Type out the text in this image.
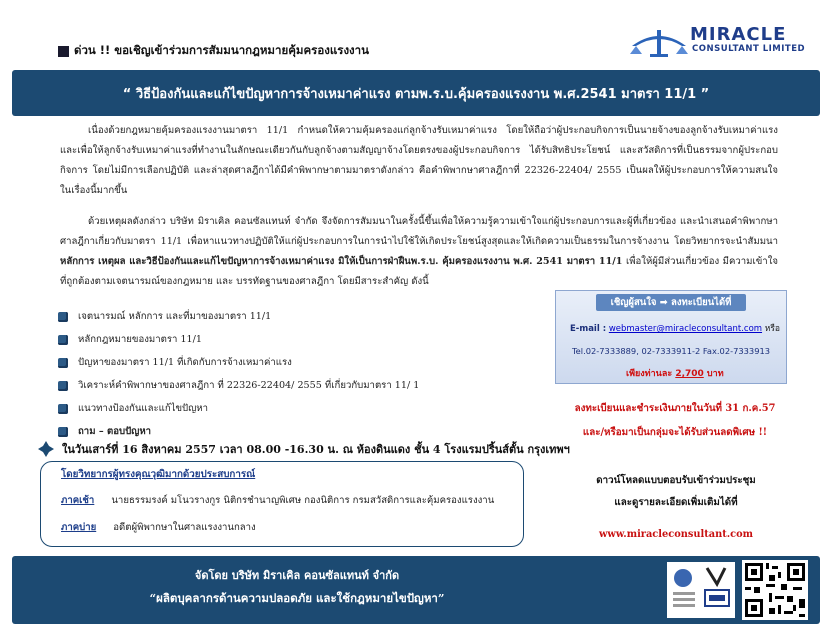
ด่วน !! ขอเชิญเข้าร่วมการสัมมนากฎหมายคุ้มครองแรงงาน
MIRACLE
CONSULTANT LIMITED
“ วิธีป้องกันและแก้ไขปัญหาการจ้างเหมาค่าแรง ตามพ.ร.บ.คุ้มครองแรงงาน พ.ศ.2541 มาตรา 11/1 ”
เนื่องด้วยกฎหมายคุ้มครองแรงงานมาตรา 11/1 กำหนดให้ความคุ้มครองแก่ลูกจ้างรับเหมาค่าแรง โดยให้ถือว่าผู้ประกอบกิจการเป็นนายจ้างของลูกจ้างรับเหมาค่าแรง และเพื่อให้ลูกจ้างรับเหมาค่าแรงที่ทำงานในลักษณะเดียวกันกับลูกจ้างตามสัญญาจ้างโดยตรงของผู้ประกอบกิจการ ได้รับสิทธิประโยชน์ และสวัสดิการที่เป็นธรรมจากผู้ประกอบกิจการ โดยไม่มีการเลือกปฏิบัติ และล่าสุดศาลฎีกาได้มีคำพิพากษาตามมาตราดังกล่าว คือคำพิพากษาศาลฎีกาที่ 22326-22404/ 2555 เป็นผลให้ผู้ประกอบการให้ความสนใจในเรื่องนี้มากขึ้น
ด้วยเหตุผลดังกล่าว บริษัท มิราเคิล คอนซัลแทนท์ จำกัด จึงจัดการสัมมนาในครั้งนี้ขึ้นเพื่อให้ความรู้ความเข้าใจแก่ผู้ประกอบการและผู้ที่เกี่ยวข้อง และนำเสนอคำพิพากษาศาลฎีกาเกี่ยวกับมาตรา 11/1 เพื่อหาแนวทางปฏิบัติให้แก่ผู้ประกอบการในการนำไปใช้ให้เกิดประโยชน์สูงสุดและให้เกิดความเป็นธรรมในการจ้างงาน โดยวิทยากรจะนำสัมมนาหลักการ เหตุผล และวิธีป้องกันและแก้ไขปัญหาการจ้างเหมาค่าแรง มิให้เป็นการฝ่าฝืนพ.ร.บ. คุ้มครองแรงงาน พ.ศ. 2541 มาตรา 11/1 เพื่อให้ผู้มีส่วนเกี่ยวข้อง มีความเข้าใจที่ถูกต้องตามเจตนารมณ์ของกฎหมาย และ บรรทัดฐานของศาลฎีกา โดยมีสาระสำคัญ ดังนี้
เจตนารมณ์ หลักการ และที่มาของมาตรา 11/1
หลักกฎหมายของมาตรา 11/1
ปัญหาของมาตรา 11/1 ที่เกิดกับการจ้างเหมาค่าแรง
วิเคราะห์คำพิพากษาของศาลฎีกา ที่ 22326-22404/ 2555 ที่เกี่ยวกับมาตรา 11/ 1
แนวทางป้องกันและแก้ไขปัญหา
ถาม – ตอบปัญหา
เชิญผู้สนใจ ➡ ลงทะเบียนได้ที่
E-mail : webmaster@miracleconsultant.com หรือ
Tel.02-7333889, 02-7333911-2 Fax.02-7333913
เพียงท่านละ 2,700 บาท
ลงทะเบียนและชำระเงินภายในวันที่ 31 ก.ค.57
และ/หรือมาเป็นกลุ่มจะได้รับส่วนลดพิเศษ !!
ในวันเสาร์ที่ 16 สิงหาคม 2557 เวลา 08.00 -16.30 น. ณ ห้องดินแดง ชั้น 4 โรงแรมปริ้นส์ตั้น กรุงเทพฯ
โดยวิทยากรผู้ทรงคุณวุฒิมากด้วยประสบการณ์
ภาคเช้า นายธรรมรงค์ มโนวรางกูร นิติกรชำนาญพิเศษ กองนิติการ กรมสวัสดิการและคุ้มครองแรงงาน
ภาคบ่าย อดีตผู้พิพากษาในศาลแรงงานกลาง
ดาวน์โหลดแบบตอบรับเข้าร่วมประชุม
และดูรายละเอียดเพิ่มเติมได้ที่
www.miracleconsultant.com
จัดโดย บริษัท มิราเคิล คอนซัลแทนท์ จำกัด
“ผลิตบุคลากรด้านความปลอดภัย และใช้กฎหมายไขปัญหา”
